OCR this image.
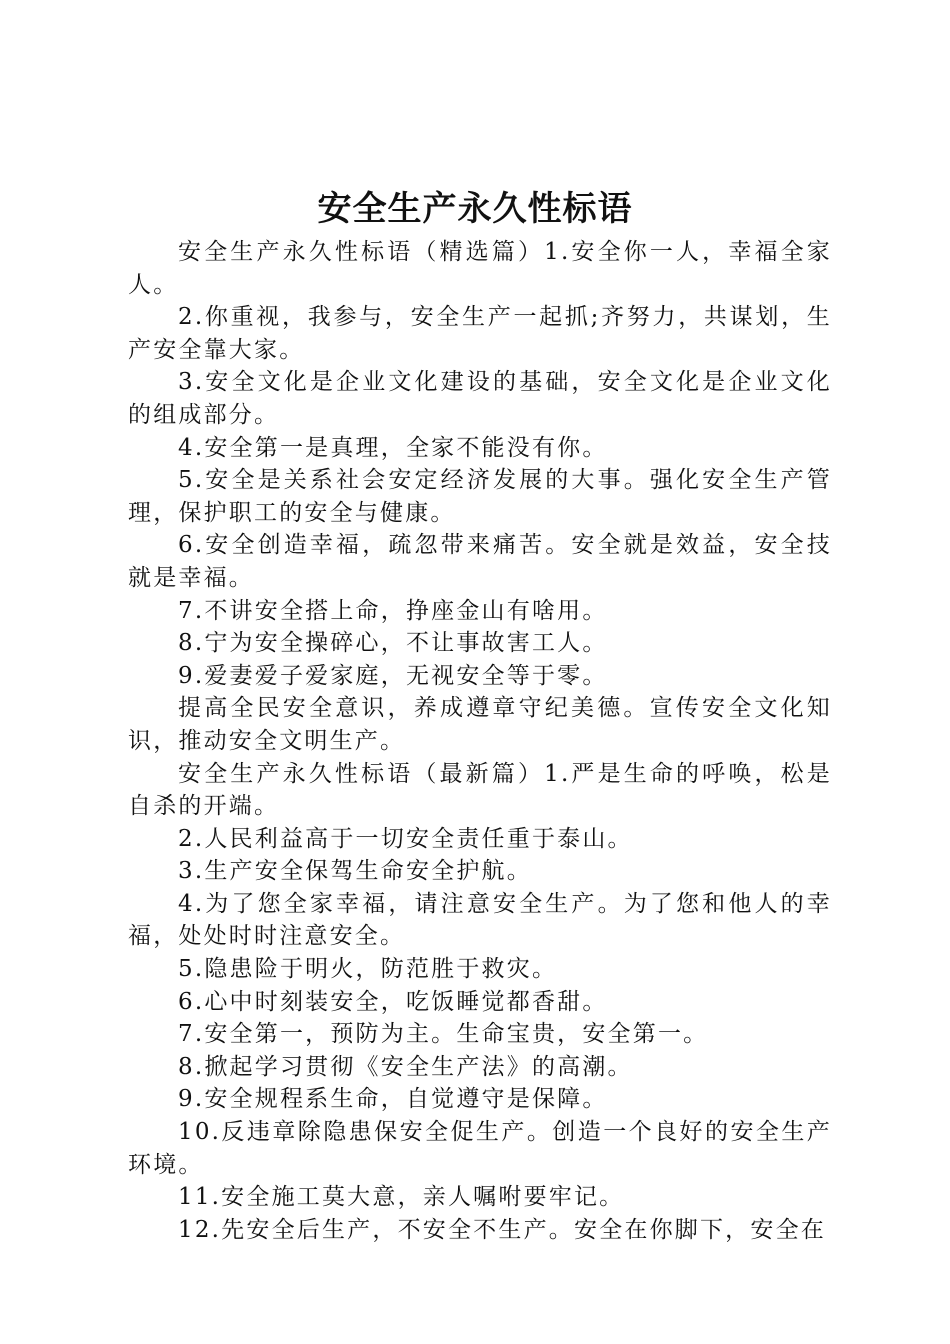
安全生产永久性标语

安全生产永久性标语（精选篇）1.安全你一人，幸福全家人。

2.你重视，我参与，安全生产一起抓;齐努力，共谋划，生产安全靠大家。

3.安全文化是企业文化建设的基础，安全文化是企业文化的组成部分。

4.安全第一是真理，全家不能没有你。

5.安全是关系社会安定经济发展的大事。强化安全生产管理，保护职工的安全与健康。

6.安全创造幸福，疏忽带来痛苦。安全就是效益，安全技就是幸福。

7.不讲安全搭上命，挣座金山有啥用。

8.宁为安全操碎心，不让事故害工人。

9.爱妻爱子爱家庭，无视安全等于零。

提高全民安全意识，养成遵章守纪美德。宣传安全文化知识，推动安全文明生产。

安全生产永久性标语（最新篇）1.严是生命的呼唤，松是自杀的开端。

2.人民利益高于一切安全责任重于泰山。

3.生产安全保驾生命安全护航。

4.为了您全家幸福，请注意安全生产。为了您和他人的幸福，处处时时注意安全。

5.隐患险于明火，防范胜于救灾。

6.心中时刻装安全，吃饭睡觉都香甜。

7.安全第一，预防为主。生命宝贵，安全第一。

8.掀起学习贯彻《安全生产法》的高潮。

9.安全规程系生命，自觉遵守是保障。

10.反违章除隐患保安全促生产。创造一个良好的安全生产环境。

11.安全施工莫大意，亲人嘱咐要牢记。

12.先安全后生产，不安全不生产。安全在你脚下，安全在
